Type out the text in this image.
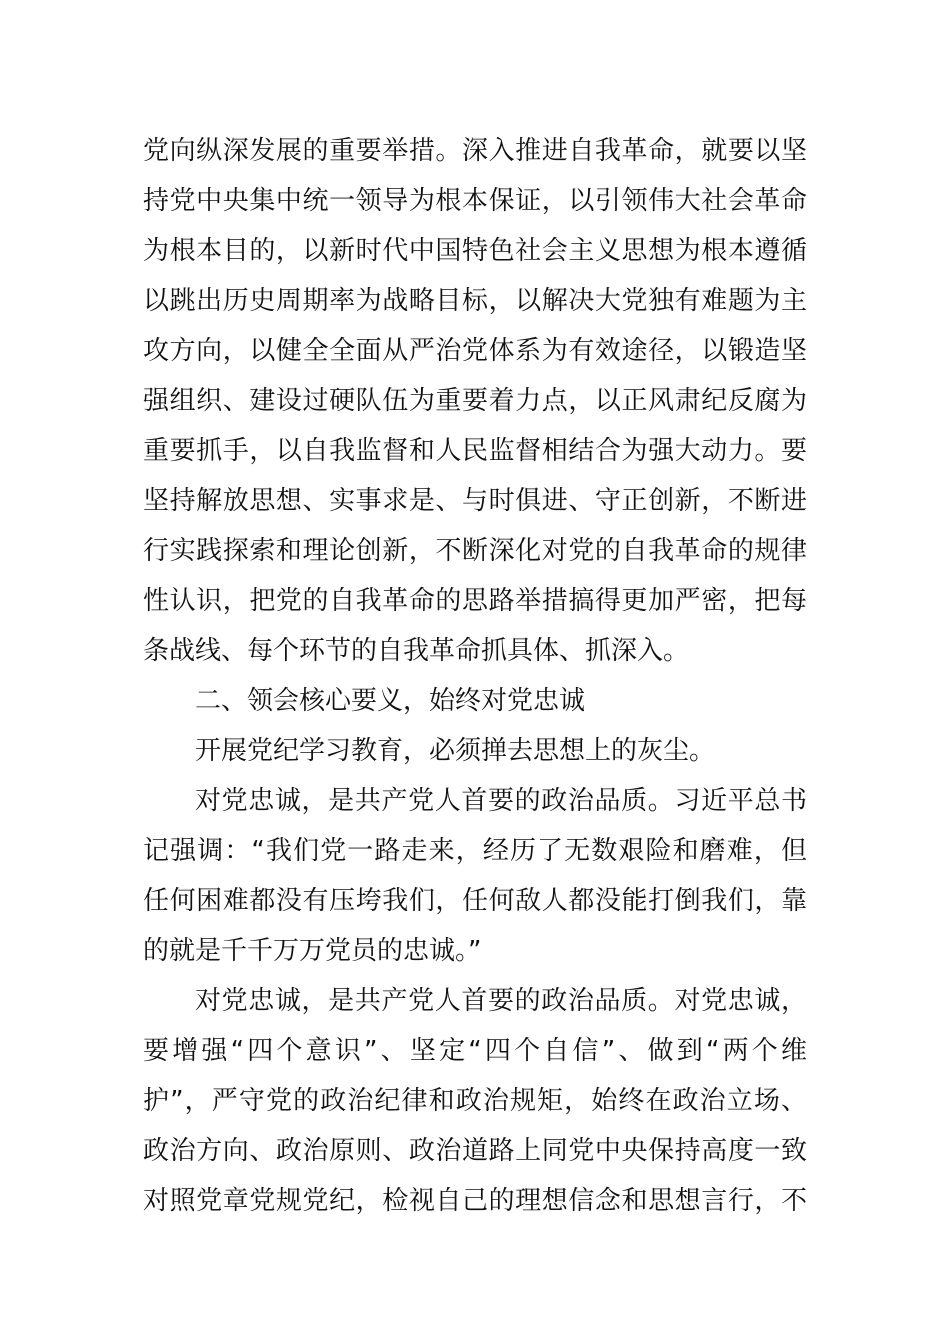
党向纵深发展的重要举措。深入推进自我革命，就要以坚
持党中央集中统一领导为根本保证，以引领伟大社会革命
为根本目的，以新时代中国特色社会主义思想为根本遵循
以跳出历史周期率为战略目标，以解决大党独有难题为主
攻方向，以健全全面从严治党体系为有效途径，以锻造坚
强组织、建设过硬队伍为重要着力点，以正风肃纪反腐为
重要抓手，以自我监督和人民监督相结合为强大动力。要
坚持解放思想、实事求是、与时俱进、守正创新，不断进
行实践探索和理论创新，不断深化对党的自我革命的规律
性认识，把党的自我革命的思路举措搞得更加严密，把每
条战线、每个环节的自我革命抓具体、抓深入。
二、领会核心要义，始终对党忠诚
开展党纪学习教育，必须掸去思想上的灰尘。
对党忠诚，是共产党人首要的政治品质。习近平总书
记强调：“我们党一路走来，经历了无数艰险和磨难，但
任何困难都没有压垮我们，任何敌人都没能打倒我们，靠
的就是千千万万党员的忠诚。”
对党忠诚，是共产党人首要的政治品质。对党忠诚，
要增强“四个意识”、坚定“四个自信”、做到“两个维
护”，严守党的政治纪律和政治规矩，始终在政治立场、
政治方向、政治原则、政治道路上同党中央保持高度一致
对照党章党规党纪，检视自己的理想信念和思想言行，不
